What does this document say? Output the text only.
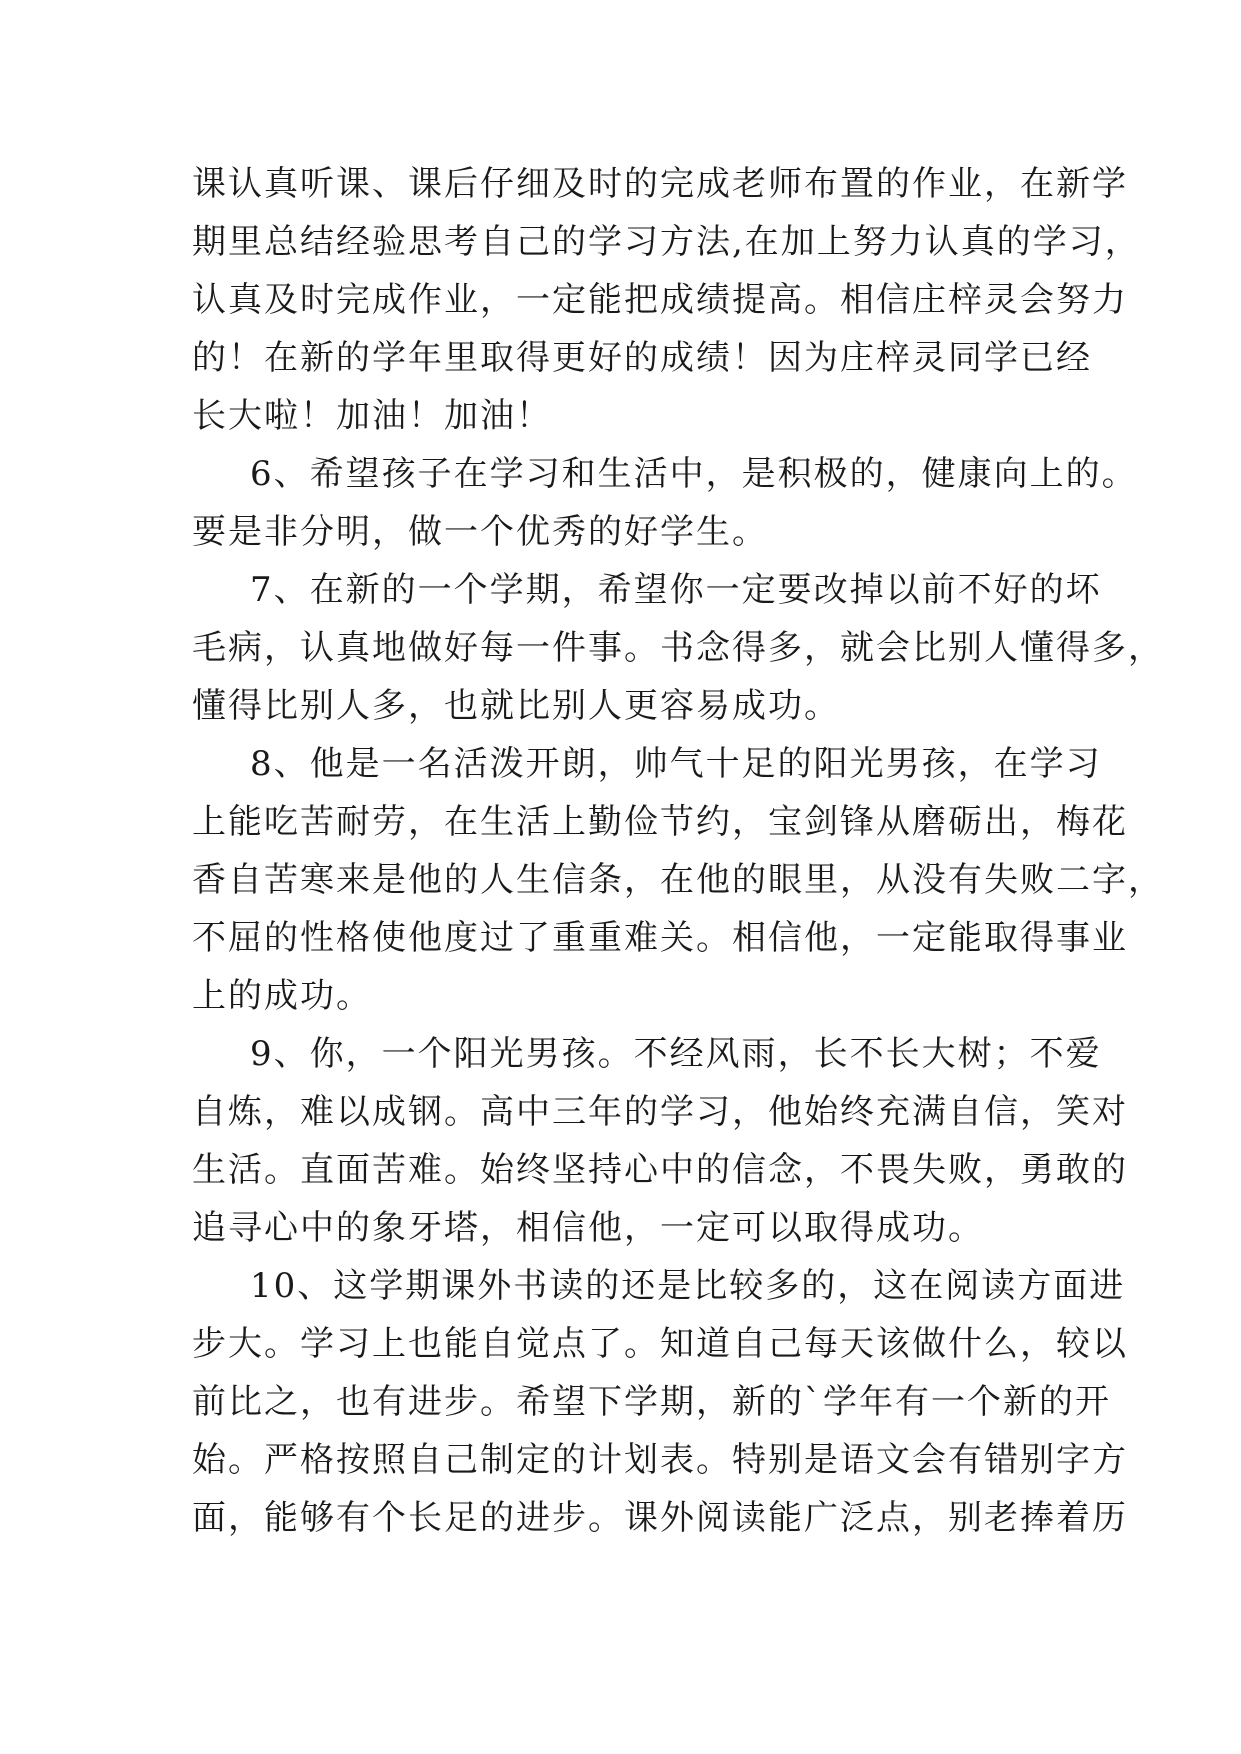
课认真听课、课后仔细及时的完成老师布置的作业，在新学
期里总结经验思考自己的学习方法,在加上努力认真的学习，
认真及时完成作业，一定能把成绩提高。相信庄梓灵会努力
的！在新的学年里取得更好的成绩！因为庄梓灵同学已经
长大啦！加油！加油！
6、希望孩子在学习和生活中，是积极的，健康向上的。
要是非分明，做一个优秀的好学生。
7、在新的一个学期，希望你一定要改掉以前不好的坏
毛病，认真地做好每一件事。书念得多，就会比别人懂得多，
懂得比别人多，也就比别人更容易成功。
8、他是一名活泼开朗，帅气十足的阳光男孩，在学习
上能吃苦耐劳，在生活上勤俭节约，宝剑锋从磨砺出，梅花
香自苦寒来是他的人生信条，在他的眼里，从没有失败二字，
不屈的性格使他度过了重重难关。相信他，一定能取得事业
上的成功。
9、你，一个阳光男孩。不经风雨，长不长大树；不爱
自炼，难以成钢。高中三年的学习，他始终充满自信，笑对
生活。直面苦难。始终坚持心中的信念，不畏失败，勇敢的
追寻心中的象牙塔，相信他，一定可以取得成功。
10、这学期课外书读的还是比较多的，这在阅读方面进
步大。学习上也能自觉点了。知道自己每天该做什么，较以
前比之，也有进步。希望下学期，新的`学年有一个新的开
始。严格按照自己制定的计划表。特别是语文会有错别字方
面，能够有个长足的进步。课外阅读能广泛点，别老捧着历
